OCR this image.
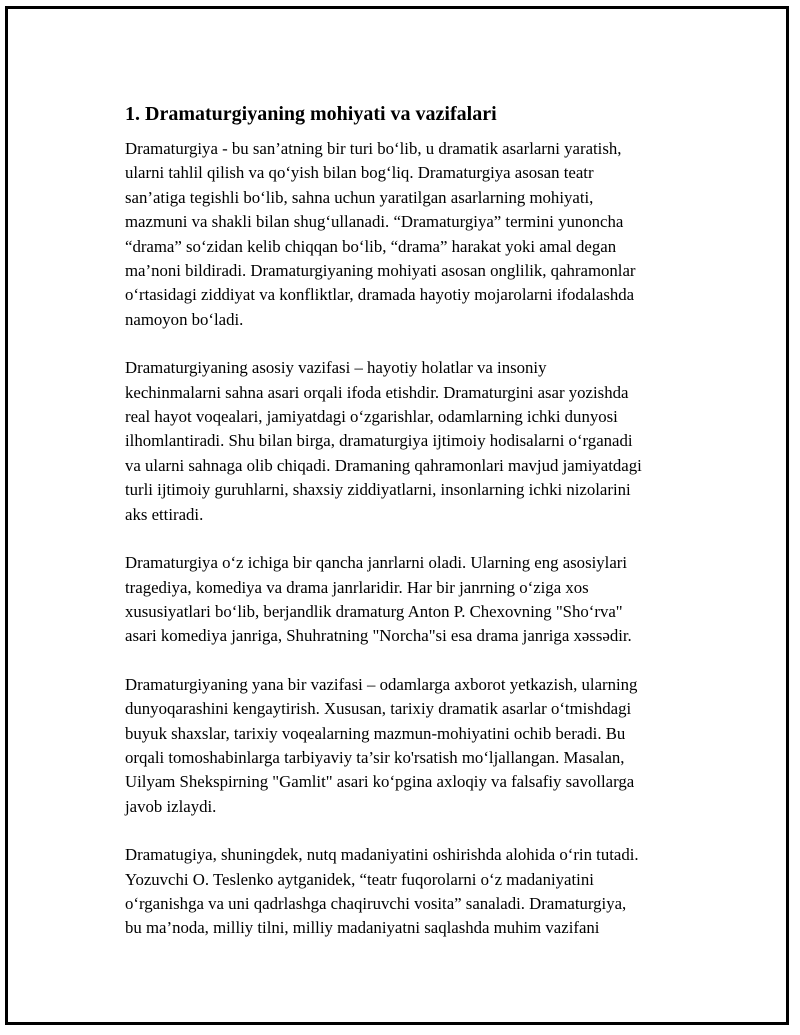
1. Dramaturgiyaning mohiyati va vazifalari

Dramaturgiya - bu san’atning bir turi bo‘lib, u dramatik asarlarni yaratish,
ularni tahlil qilish va qo‘yish bilan bog‘liq. Dramaturgiya asosan teatr
san’atiga tegishli bo‘lib, sahna uchun yaratilgan asarlarning mohiyati,
mazmuni va shakli bilan shug‘ullanadi. “Dramaturgiya” termini yunoncha
“drama” so‘zidan kelib chiqqan bo‘lib, “drama” harakat yoki amal degan
ma’noni bildiradi. Dramaturgiyaning mohiyati asosan onglilik, qahramonlar
o‘rtasidagi ziddiyat va konfliktlar, dramada hayotiy mojarolarni ifodalashda
namoyon bo‘ladi.

Dramaturgiyaning asosiy vazifasi – hayotiy holatlar va insoniy
kechinmalarni sahna asari orqali ifoda etishdir. Dramaturgini asar yozishda
real hayot voqealari, jamiyatdagi o‘zgarishlar, odamlarning ichki dunyosi
ilhomlantiradi. Shu bilan birga, dramaturgiya ijtimoiy hodisalarni o‘rganadi
va ularni sahnaga olib chiqadi. Dramaning qahramonlari mavjud jamiyatdagi
turli ijtimoiy guruhlarni, shaxsiy ziddiyatlarni, insonlarning ichki nizolarini
aks ettiradi.

Dramaturgiya o‘z ichiga bir qancha janrlarni oladi. Ularning eng asosiylari
tragediya, komediya va drama janrlaridir. Har bir janrning o‘ziga xos
xususiyatlari bo‘lib, berjandlik dramaturg Anton P. Chexovning "Sho‘rva"
asari komediya janriga, Shuhratning "Norcha"si esa drama janriga xəssədir.

Dramaturgiyaning yana bir vazifasi – odamlarga axborot yetkazish, ularning
dunyoqarashini kengaytirish. Xususan, tarixiy dramatik asarlar o‘tmishdagi
buyuk shaxslar, tarixiy voqealarning mazmun-mohiyatini ochib beradi. Bu
orqali tomoshabinlarga tarbiyaviy ta’sir ko'rsatish mo‘ljallangan. Masalan,
Uilyam Shekspirning "Gamlit" asari ko‘pgina axloqiy va falsafiy savollarga
javob izlaydi.

Dramatugiya, shuningdek, nutq madaniyatini oshirishda alohida o‘rin tutadi.
Yozuvchi O. Teslenko aytganidek, “teatr fuqorolarni o‘z madaniyatini
o‘rganishga va uni qadrlashga chaqiruvchi vosita” sanaladi. Dramaturgiya,
bu ma’noda, milliy tilni, milliy madaniyatni saqlashda muhim vazifani
